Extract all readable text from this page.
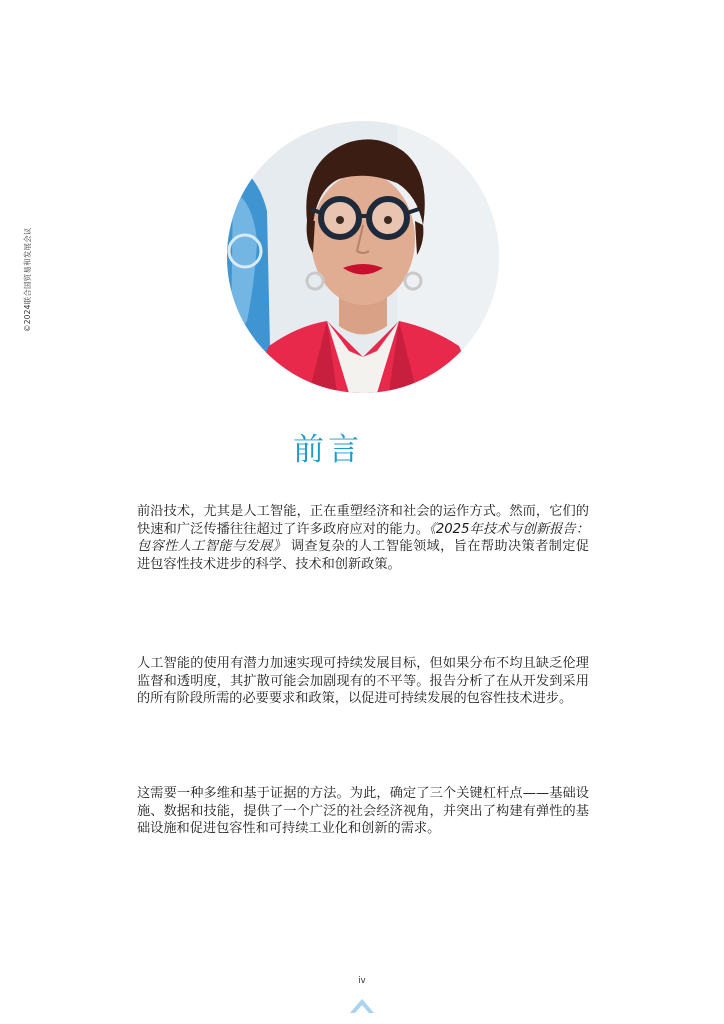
©2024联合国贸易和发展会议
前言

前沿技术，尤其是人工智能，正在重塑经济和社会的运作方式。然而，它们的快速和广泛传播往往超过了许多政府应对的能力。《2025年技术与创新报告：包容性人工智能与发展》 调查复杂的人工智能领域，旨在帮助决策者制定促进包容性技术进步的科学、技术和创新政策。

人工智能的使用有潜力加速实现可持续发展目标，但如果分布不均且缺乏伦理监督和透明度，其扩散可能会加剧现有的不平等。报告分析了在从开发到采用的所有阶段所需的必要要求和政策，以促进可持续发展的包容性技术进步。

这需要一种多维和基于证据的方法。为此，确定了三个关键杠杆点——基础设施、数据和技能，提供了一个广泛的社会经济视角，并突出了构建有弹性的基础设施和促进包容性和可持续工业化和创新的需求。

iv
